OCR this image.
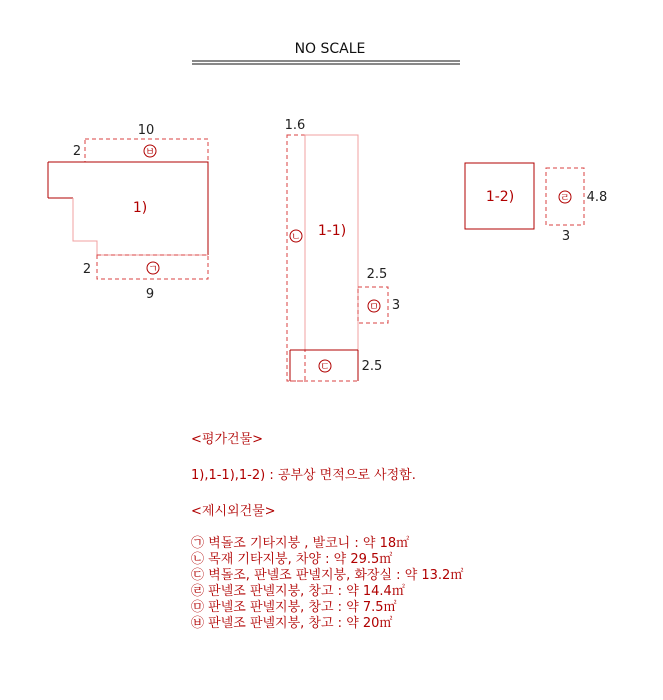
NO SCALE
ㅂ
ㄱ
1)
10
2
2
9
ㄴ
ㅁ
ㄷ
1-1)
1.6
2.5
3
2.5
ㄹ
1-2)	4.8
3
<평가건물>
1),1-1),1-2) : 공부상 면적으로 사정함.
<제시외건물>
㉠ 벽돌조 기타지붕 , 발코니 : 약 18㎡
㉡ 목재 기타지붕, 차양 : 약 29.5㎡
㉢ 벽돌조, 판넬조 판넬지붕, 화장실 : 약 13.2㎡
㉣ 판넬조 판넬지붕, 창고 : 약 14.4㎡
㉤ 판넬조 판넬지붕, 창고 : 약 7.5㎡
㉥ 판넬조 판넬지붕, 창고 : 약 20㎡
